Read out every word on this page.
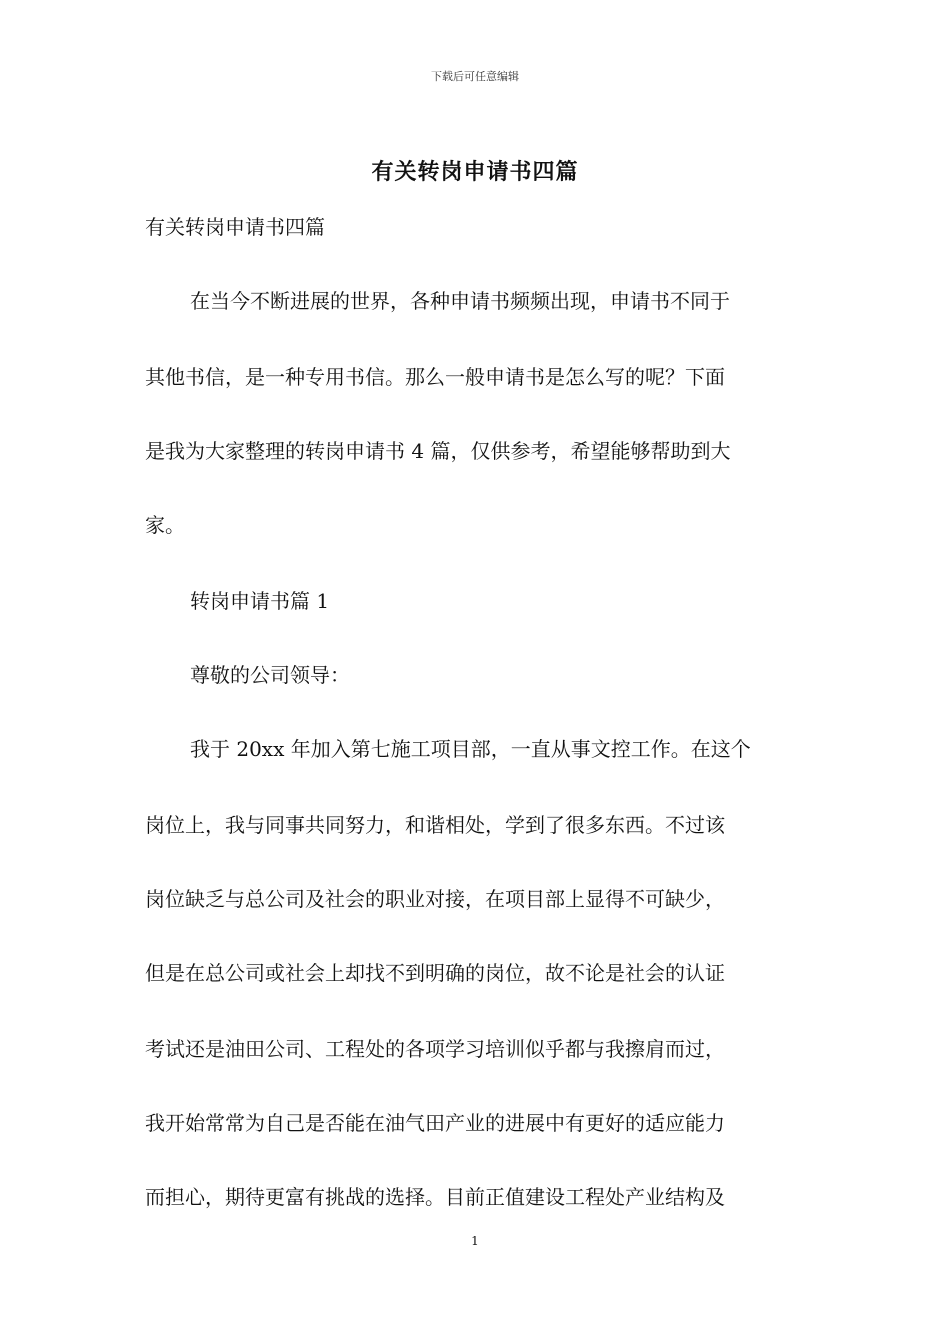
下载后可任意编辑
有关转岗申请书四篇
有关转岗申请书四篇
在当今不断进展的世界，各种申请书频频出现，申请书不同于
其他书信，是一种专用书信。那么一般申请书是怎么写的呢？下面
是我为大家整理的转岗申请书 4 篇，仅供参考，希望能够帮助到大
家。
转岗申请书篇 1
尊敬的公司领导：
我于 20xx 年加入第七施工项目部，一直从事文控工作。在这个
岗位上，我与同事共同努力，和谐相处，学到了很多东西。不过该
岗位缺乏与总公司及社会的职业对接，在项目部上显得不可缺少，
但是在总公司或社会上却找不到明确的岗位，故不论是社会的认证
考试还是油田公司、工程处的各项学习培训似乎都与我擦肩而过，
我开始常常为自己是否能在油气田产业的进展中有更好的适应能力
而担心，期待更富有挑战的选择。目前正值建设工程处产业结构及
1
